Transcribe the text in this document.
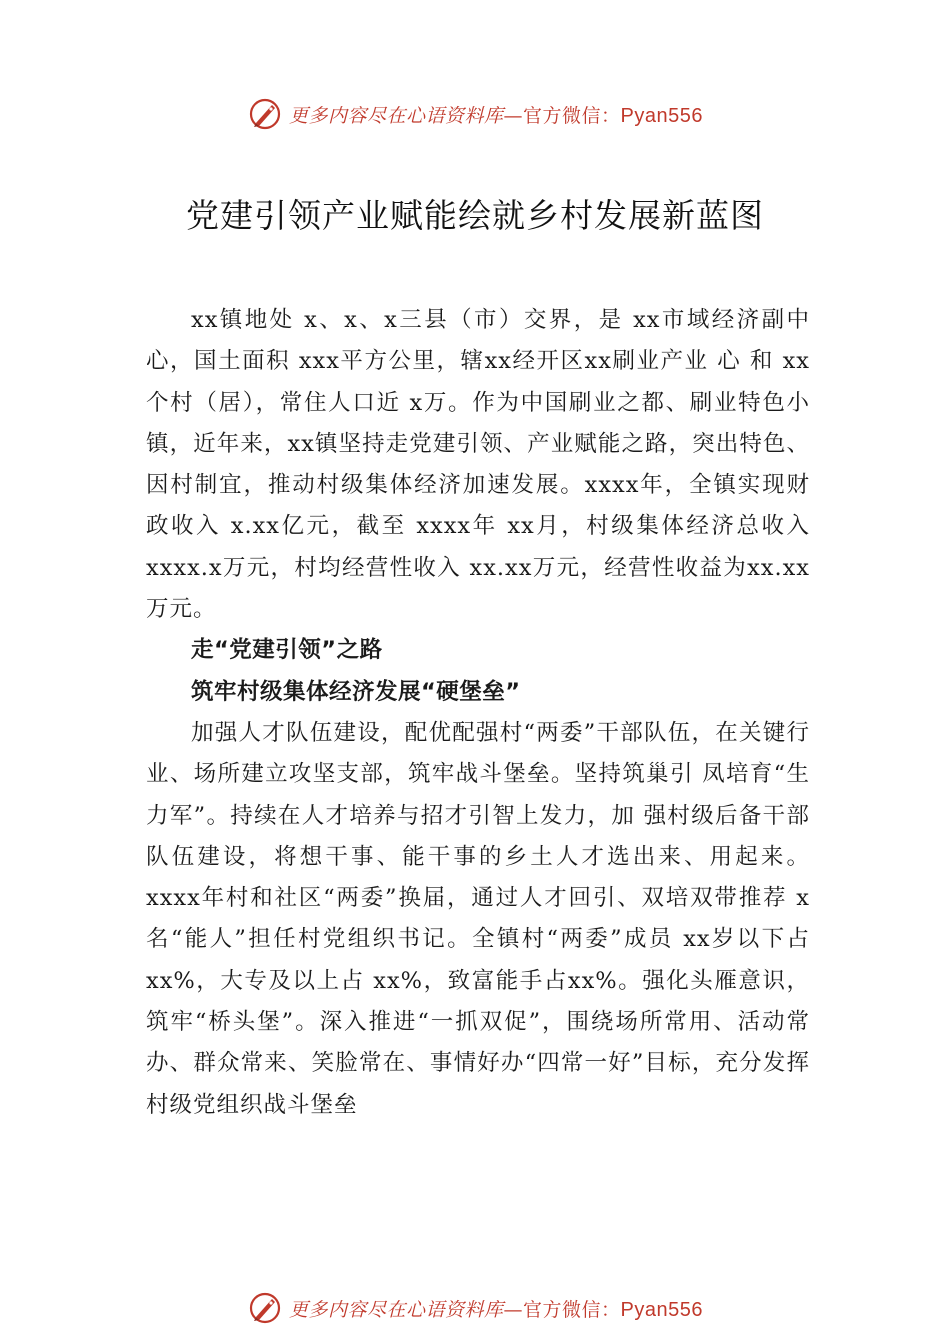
更多内容尽在心语资料库—官方微信：Pyan556
党建引领产业赋能绘就乡村发展新蓝图

xx镇地处 x、x、x三县（市）交界，是 xx市域经济副中心，国土面积 xxx平方公里，辖xx经开区xx刷业产业 ⼼ 和 xx个村（居），常住人口近 x万。作为中国刷业之都、刷业特色小镇，近年来，xx镇坚持走党建引领、产业赋能之路，突出特色、因村制宜，推动村级集体经济加速发展。xxxx年，全镇实现财政收入 x.xx亿元，截至 xxxx年 xx月，村级集体经济总收入xxxx.x万元，村均经营性收入 xx.xx万元，经营性收益为xx.xx万元。

走“党建引领”之路
筑牢村级集体经济发展“硬堡垒”

加强人才队伍建设，配优配强村“两委”干部队伍，在关键行业、场所建立攻坚支部，筑牢战斗堡垒。坚持筑巢引 凤培育“生力军”。持续在人才培养与招才引智上发力，加 强村级后备干部队伍建设，将想干事、能干事的乡土人才选出来、用起来。xxxx年村和社区“两委”换届，通过人才回引、双培双带推荐 x名“能人”担任村党组织书记。全镇村“两委”成员 xx岁以下占 xx%，大专及以上占 xx%，致富能手占xx%。强化头雁意识，筑牢“桥头堡”。深入推进“一抓双促”，围绕场所常用、活动常办、群众常来、笑脸常在、事情好办“四常一好”目标，充分发挥村级党组织战斗堡垒

更多内容尽在心语资料库—官方微信：Pyan556
